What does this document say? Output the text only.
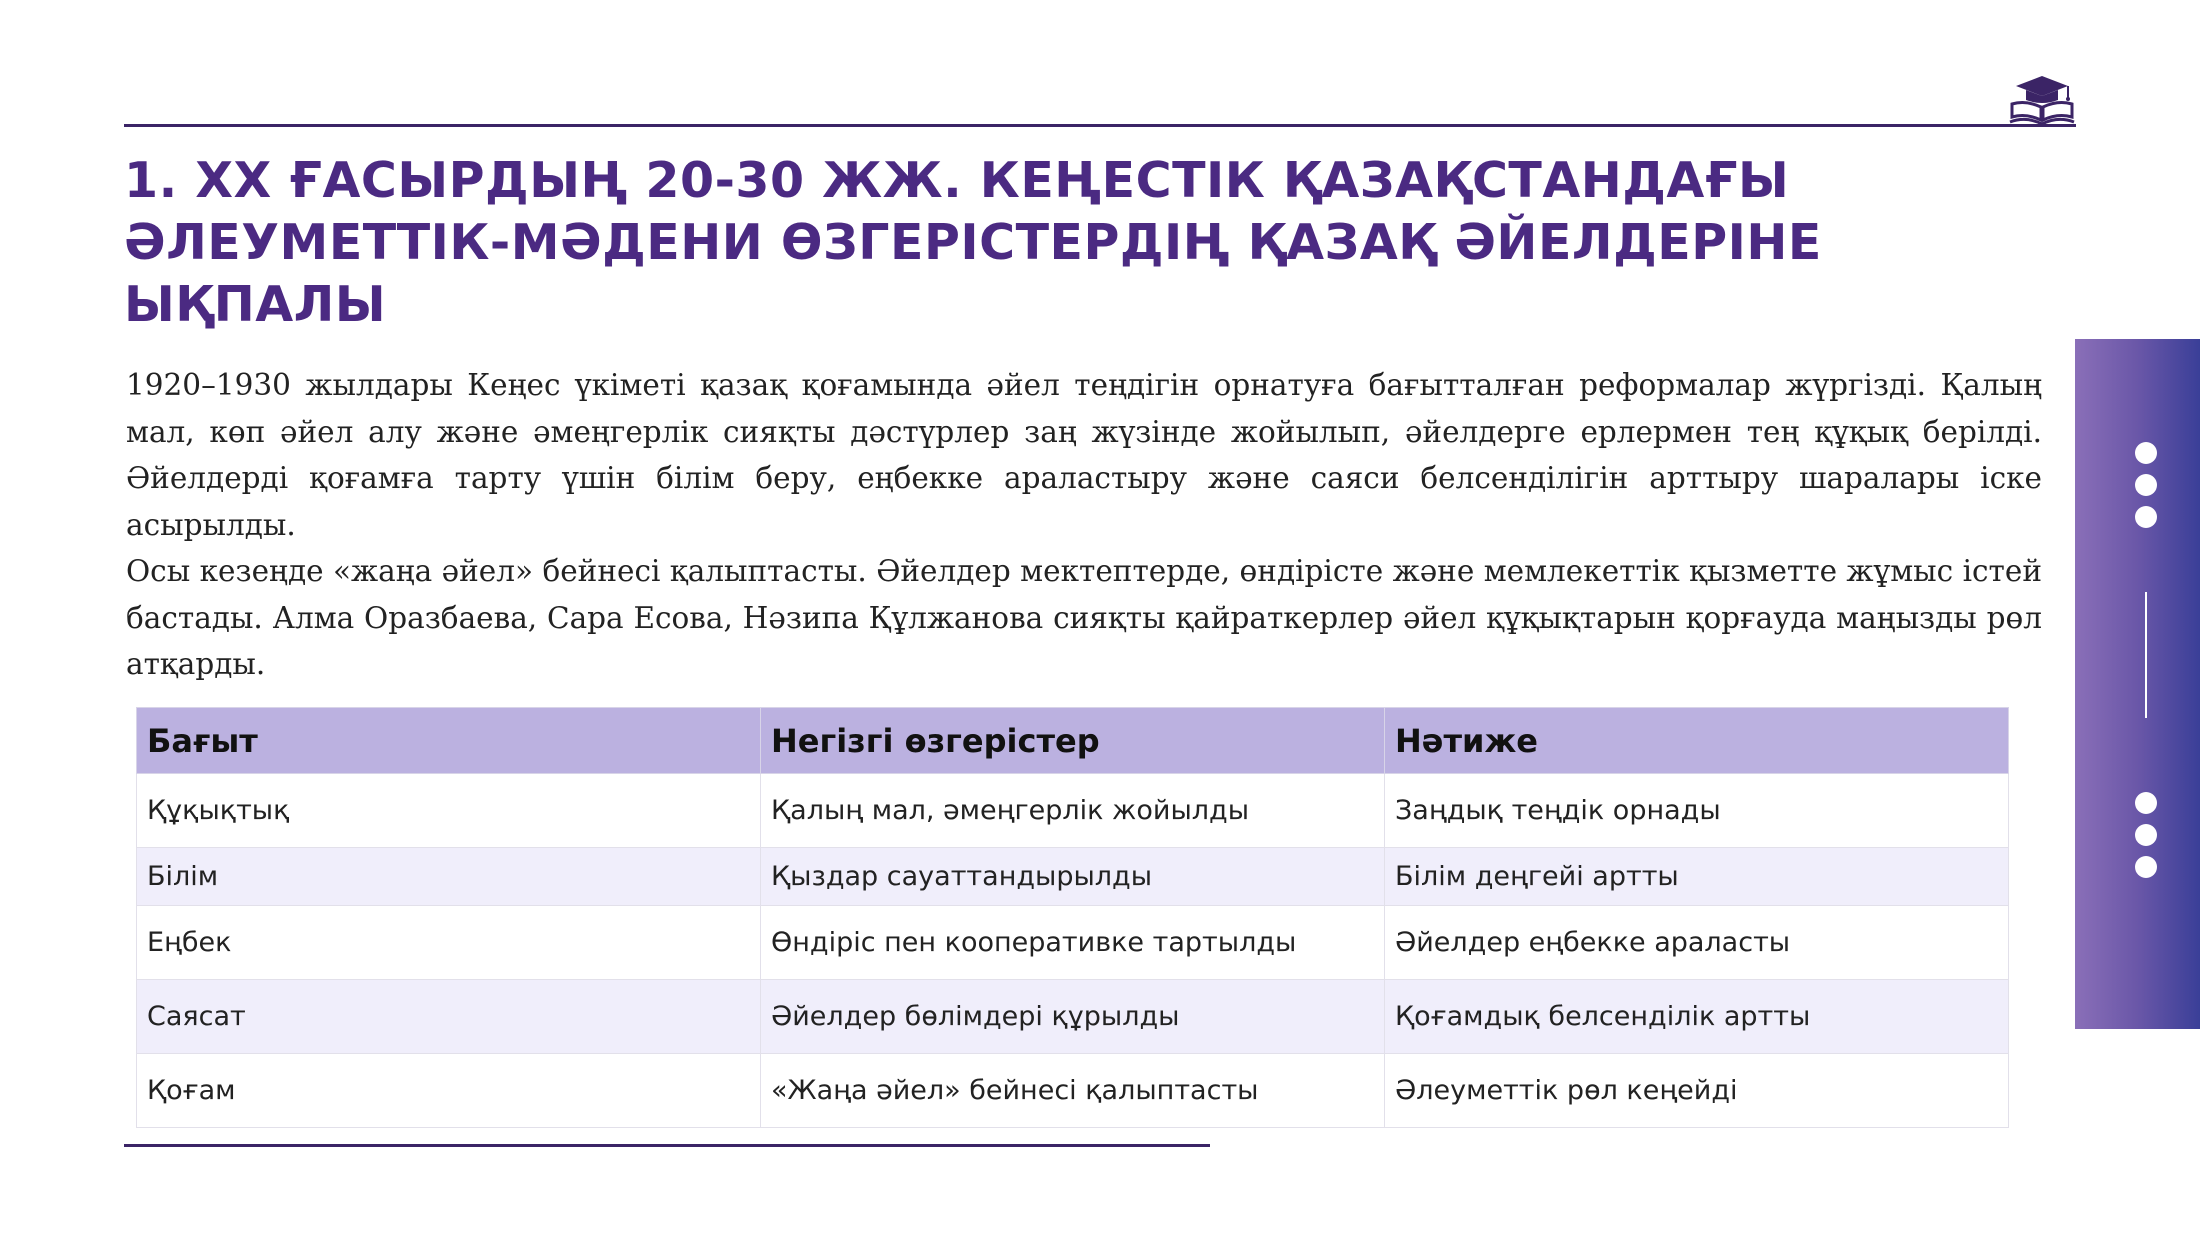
1. XX ҒАСЫРДЫҢ 20-30 ЖЖ. КЕҢЕСТІК ҚАЗАҚСТАНДАҒЫ ӘЛЕУМЕТТІК-МӘДЕНИ ӨЗГЕРІСТЕРДІҢ ҚАЗАҚ ӘЙЕЛДЕРІНЕ ЫҚПАЛЫ

1920–1930 жылдары Кеңес үкіметі қазақ қоғамында әйел теңдігін орнатуға бағытталған реформалар жүргізді. Қалың мал, көп әйел алу және әмеңгерлік сияқты дәстүрлер заң жүзінде жойылып, әйелдерге ерлермен тең құқық берілді. Әйелдерді қоғамға тарту үшін білім беру, еңбекке араластыру және саяси белсенділігін арттыру шаралары іске асырылды.

Осы кезеңде «жаңа әйел» бейнесі қалыптасты. Әйелдер мектептерде, өндірісте және мемлекеттік қызметте жұмыс істей бастады. Алма Оразбаева, Сара Есова, Нәзипа Құлжанова сияқты қайраткерлер әйел құқықтарын қорғауда маңызды рөл атқарды.

Бағыт	Негізгі өзгерістер	Нәтиже
Құқықтық	Қалың мал, әмеңгерлік жойылды	Заңдық теңдік орнады
Білім	Қыздар сауаттандырылды	Білім деңгейі артты
Еңбек	Өндіріс пен кооперативке тартылды	Әйелдер еңбекке араласты
Саясат	Әйелдер бөлімдері құрылды	Қоғамдық белсенділік артты
Қоғам	«Жаңа әйел» бейнесі қалыптасты	Әлеуметтік рөл кеңейді
